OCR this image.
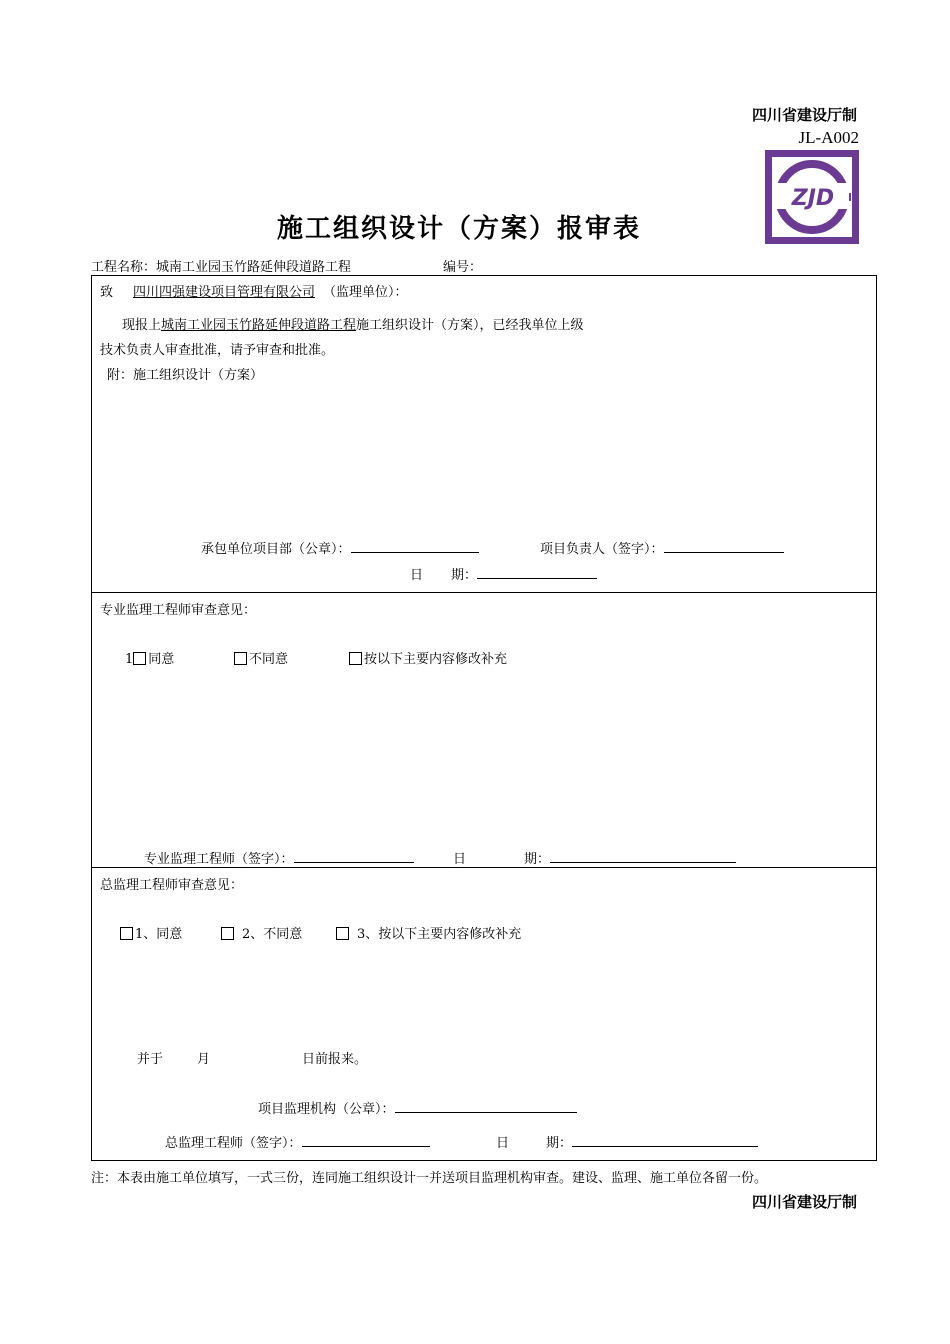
四川省建设厅制
JL-A002
ZJD
施工组织设计（方案）报审表
工程名称：城南工业园玉竹路延伸段道路工程	编号：
致 四川四强建设项目管理有限公司 （监理单位）：
现报上城南工业园玉竹路延伸段道路工程施工组织设计（方案），已经我单位上级
技术负责人审查批准，请予审查和批准。
附：施工组织设计（方案）
承包单位项目部（公章）：	项目负责人（签字）：
日 期：
专业监理工程师审查意见：
1 同意	不同意	按以下主要内容修改补充
专业监理工程师（签字）：	日	期：
总监理工程师审查意见：
1、同意	2、不同意	3、按以下主要内容修改补充
并于	月	日前报来。
项目监理机构（公章）：
总监理工程师（签字）：	日	期：
注：本表由施工单位填写，一式三份，连同施工组织设计一并送项目监理机构审查。建设、监理、施工单位各留一份。
四川省建设厅制
